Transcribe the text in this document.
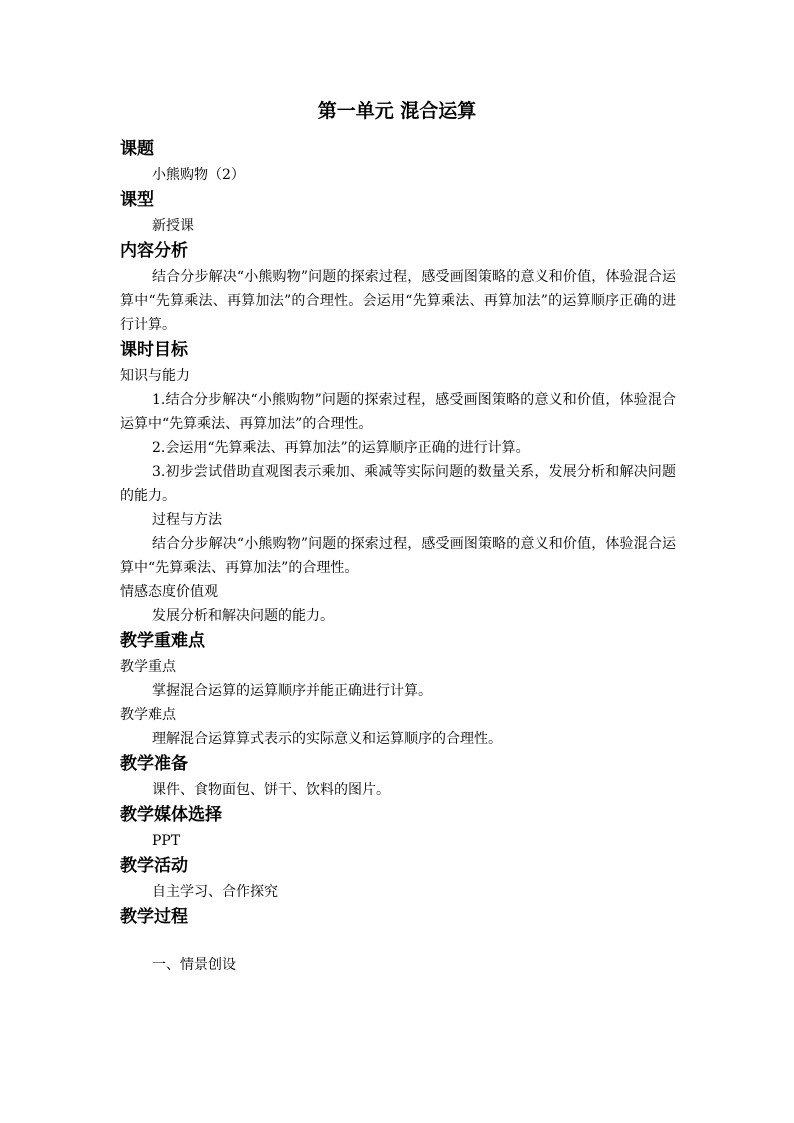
第一单元 混合运算
课题
小熊购物（2）
课型
新授课
内容分析
结合分步解决“小熊购物”问题的探索过程，感受画图策略的意义和价值，体验混合运算中“先算乘法、再算加法”的合理性。会运用“先算乘法、再算加法”的运算顺序正确的进行计算。
课时目标
知识与能力
1.结合分步解决“小熊购物”问题的探索过程，感受画图策略的意义和价值，体验混合运算中“先算乘法、再算加法”的合理性。
2.会运用“先算乘法、再算加法”的运算顺序正确的进行计算。
3.初步尝试借助直观图表示乘加、乘减等实际问题的数量关系，发展分析和解决问题的能力。
过程与方法
结合分步解决“小熊购物”问题的探索过程，感受画图策略的意义和价值，体验混合运算中“先算乘法、再算加法”的合理性。
情感态度价值观
发展分析和解决问题的能力。
教学重难点
教学重点
掌握混合运算的运算顺序并能正确进行计算。
教学难点
理解混合运算算式表示的实际意义和运算顺序的合理性。
教学准备
课件、食物面包、饼干、饮料的图片。
教学媒体选择
PPT
教学活动
自主学习、合作探究
教学过程
一、情景创设
